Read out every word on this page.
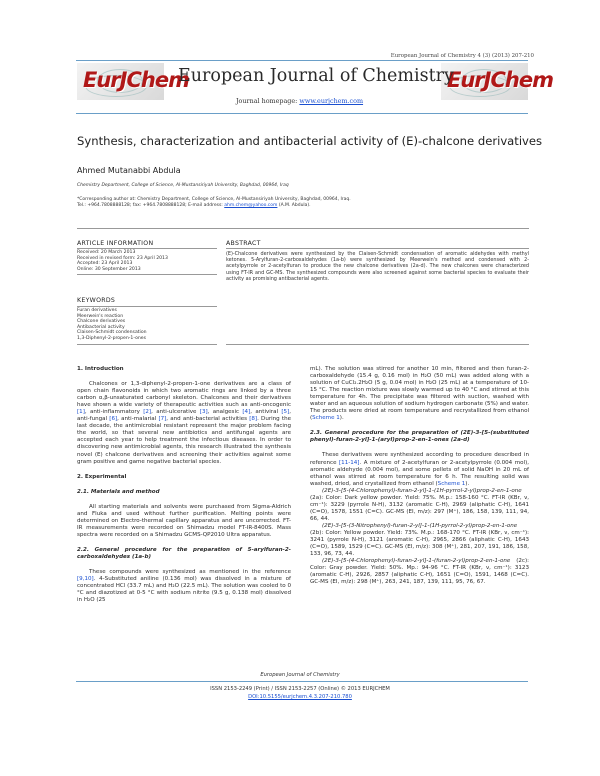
European Journal of Chemistry 4 (3) (2013) 207-210
EurJChem	EurJChem
European Journal of Chemistry
Journal homepage: www.eurjchem.com
Synthesis, characterization and antibacterial activity of (E)-chalcone derivatives
Ahmed Mutanabbi Abdula
Chemistry Department, College of Science, Al-Mustansiriyah University, Baghdad, 00964, Iraq
*Corresponding author at: Chemistry Department, College of Science, Al-Mustansiriyah University, Baghdad, 00964, Iraq.
Tel.: +964.7808888128; fax: +964.7808888128; E-mail address: ahm.chem@yahoo.com (A.M. Abdula).
ARTICLE INFORMATION
Received: 20 March 2013
Received in revised form: 23 April 2013
Accepted: 23 April 2013
Online: 30 September 2013
KEYWORDS
Furan derivatives
Meerwein's reaction
Chalcone derivatives
Antibacterial activity
Claisen-Schmidt condensation
1,3-Diphenyl-2-propen-1-ones
ABSTRACT
(E)-Chalcone derivatives were synthesized by the Claisen-Schmidt condensation of aromatic aldehydes with methyl ketones. 5-Arylfuran-2-carboxaldehydes (1a-b) were synthesized by Meerwein's method and condensed with 2-acetylpyrrole or 2-acetylfuran to produce the new chalcone derivatives (2a-d). The new chalcones were characterized using FT-IR and GC-MS. The synthesized compounds were also screened against some bacterial species to evaluate their activity as promising antibacterial agents.

1. Introduction

Chalcones or 1,3-diphenyl-2-propen-1-one derivatives are a class of open chain flavonoids in which two aromatic rings are linked by a three carbon α,β-unsaturated carbonyl skeleton. Chalcones and their derivatives have shown a wide variety of therapeutic activities such as anti-oncogenic [1], anti-inflammatory [2], anti-ulcerative [3], analgesic [4], antiviral [5], anti-fungal [6], anti-malarial [7], and anti-bacterial activities [8]. During the last decade, the antimicrobial resistant represent the major problem facing the world, so that several new antibiotics and antifungal agents are accepted each year to help treatment the infectious diseases. In order to discovering new antimicrobial agents, this research illustrated the synthesis novel (E) chalcone derivatives and screening their activities against some gram positive and game negative bacterial species.

2. Experimental

2.1. Materials and method

All starting materials and solvents were purchased from Sigma-Aldrich and Fluka and used without further purification. Melting points were determined on Electro-thermal capillary apparatus and are uncorrected. FT-IR measurements were recorded on Shimadzu model FT-IR-8400S. Mass spectra were recorded on a Shimadzu GCMS-QP2010 Ultra apparatus.

2.2. General procedure for the preparation of 5-arylfuran-2-carboxaldehydes (1a-b)

These compounds were synthesized as mentioned in the reference [9,10]. 4-Substituted aniline (0.136 mol) was dissolved in a mixture of concentrated HCl (33.7 mL) and H₂O (22.5 mL). The solution was cooled to 0 °C and diazotized at 0-5 °C with sodium nitrite (9.5 g, 0.138 mol) dissolved in H₂O (25

mL). The solution was stirred for another 10 min, filtered and then furan-2-carboxaldehyde (15.4 g, 0.16 mol) in H₂O (50 mL) was added along with a solution of CuCl₂.2H₂O (5 g, 0.04 mol) in H₂O (25 mL) at a temperature of 10-15 °C. The reaction mixture was slowly warmed up to 40 °C and stirred at this temperature for 4h. The precipitate was filtered with suction, washed with water and an aqueous solution of sodium hydrogen carbonate (5%) and water. The products were dried at room temperature and recrystallized from ethanol (Scheme 1).

2.3. General procedure for the preparation of (2E)-3-[5-(substituted phenyl)-furan-2-yl]-1-(aryl)prop-2-en-1-ones (2a-d)

These derivatives were synthesized according to procedure described in reference [11-14]. A mixture of 2-acetylfuran or 2-acetylpyrrole (0.004 mol), aromatic aldehyde (0.004 mol), and some pellets of solid NaOH in 20 mL of ethanol was stirred at room temperature for 6 h. The resulting solid was washed, dried, and crystallized from ethanol (Scheme 1).

(2E)-3-[5-(4-Chlorophenyl)-furan-2-yl]-1-(1H-pyrrol-2-yl)prop-2-en-1-one (2a): Color: Dark yellow powder. Yield: 75%. M.p.: 158-160 °C. FT-IR (KBr, ν, cm⁻¹): 3229 (pyrrole N-H), 3132 (aromatic C-H), 2969 (aliphatic C-H), 1641 (C=O), 1578, 1551 (C=C). GC-MS (EI, m/z): 297 (M⁺), 186, 158, 139, 111, 94, 66, 44.

(2E)-3-[5-(3-Nitrophenyl)-furan-2-yl]-1-(1H-pyrrol-2-yl)prop-2-en-1-one (2b): Color: Yellow powder. Yield: 73%. M.p.: 168-170 °C. FT-IR (KBr, ν, cm⁻¹): 3241 (pyrrole N-H), 3121 (aromatic C-H), 2965, 2866 (aliphatic C-H), 1643 (C=O), 1589, 1529 (C=C). GC-MS (EI, m/z): 308 (M⁺), 281, 207, 191, 186, 158, 133, 96, 73, 44.

(2E)-3-[5-(4-Chlorophenyl)-furan-2-yl]-1-(furan-2-yl)prop-2-en-1-one (2c): Color: Gray powder. Yield: 50%. Mp.: 94-96 °C. FT-IR (KBr, ν, cm⁻¹): 3123 (aromatic C-H), 2926, 2857 (aliphatic C-H), 1651 (C=O), 1591, 1468 (C=C). GC-MS (EI, m/z): 298 (M⁺), 263, 241, 187, 139, 111, 95, 76, 67.

European Journal of Chemistry
ISSN 2153-2249 (Print) / ISSN 2153-2257 (Online) © 2013 EURJCHEM
DOI:10.5155/eurjchem.4.3.207-210.780
